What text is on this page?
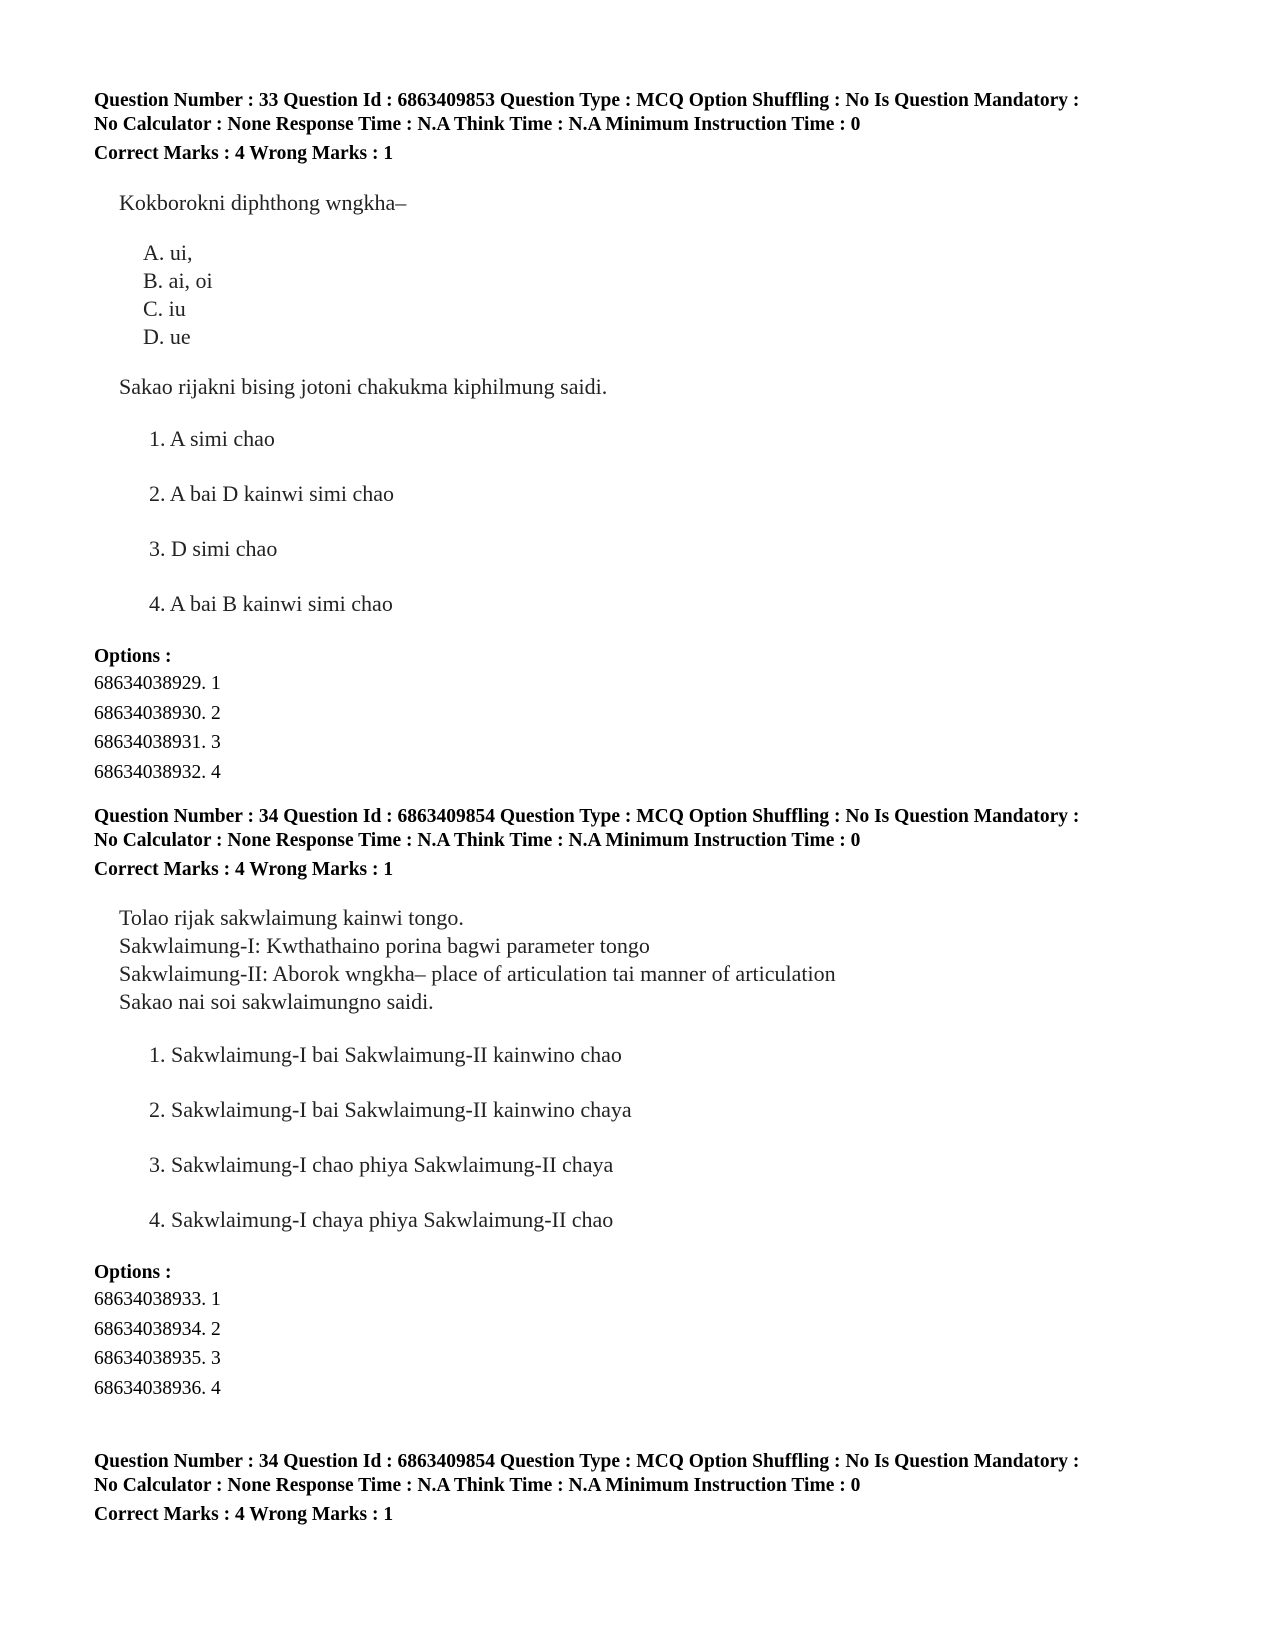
Question Number : 33 Question Id : 6863409853 Question Type : MCQ Option Shuffling : No Is Question Mandatory :
No Calculator : None Response Time : N.A Think Time : N.A Minimum Instruction Time : 0
Correct Marks : 4 Wrong Marks : 1
Kokborokni diphthong wngkha–
A. ui,
B. ai, oi
C. iu
D. ue
Sakao rijakni bising jotoni chakukma kiphilmung saidi.
1. A simi chao
2. A bai D kainwi simi chao
3. D simi chao
4. A bai B kainwi simi chao
Options :
68634038929. 1
68634038930. 2
68634038931. 3
68634038932. 4
Question Number : 34 Question Id : 6863409854 Question Type : MCQ Option Shuffling : No Is Question Mandatory :
No Calculator : None Response Time : N.A Think Time : N.A Minimum Instruction Time : 0
Correct Marks : 4 Wrong Marks : 1
Tolao rijak sakwlaimung kainwi tongo.
Sakwlaimung-I: Kwthathaino porina bagwi parameter tongo
Sakwlaimung-II: Aborok wngkha– place of articulation tai manner of articulation
Sakao nai soi sakwlaimungno saidi.
1. Sakwlaimung-I bai Sakwlaimung-II kainwino chao
2. Sakwlaimung-I bai Sakwlaimung-II kainwino chaya
3. Sakwlaimung-I chao phiya Sakwlaimung-II chaya
4. Sakwlaimung-I chaya phiya Sakwlaimung-II chao
Options :
68634038933. 1
68634038934. 2
68634038935. 3
68634038936. 4
Question Number : 34 Question Id : 6863409854 Question Type : MCQ Option Shuffling : No Is Question Mandatory :
No Calculator : None Response Time : N.A Think Time : N.A Minimum Instruction Time : 0
Correct Marks : 4 Wrong Marks : 1
